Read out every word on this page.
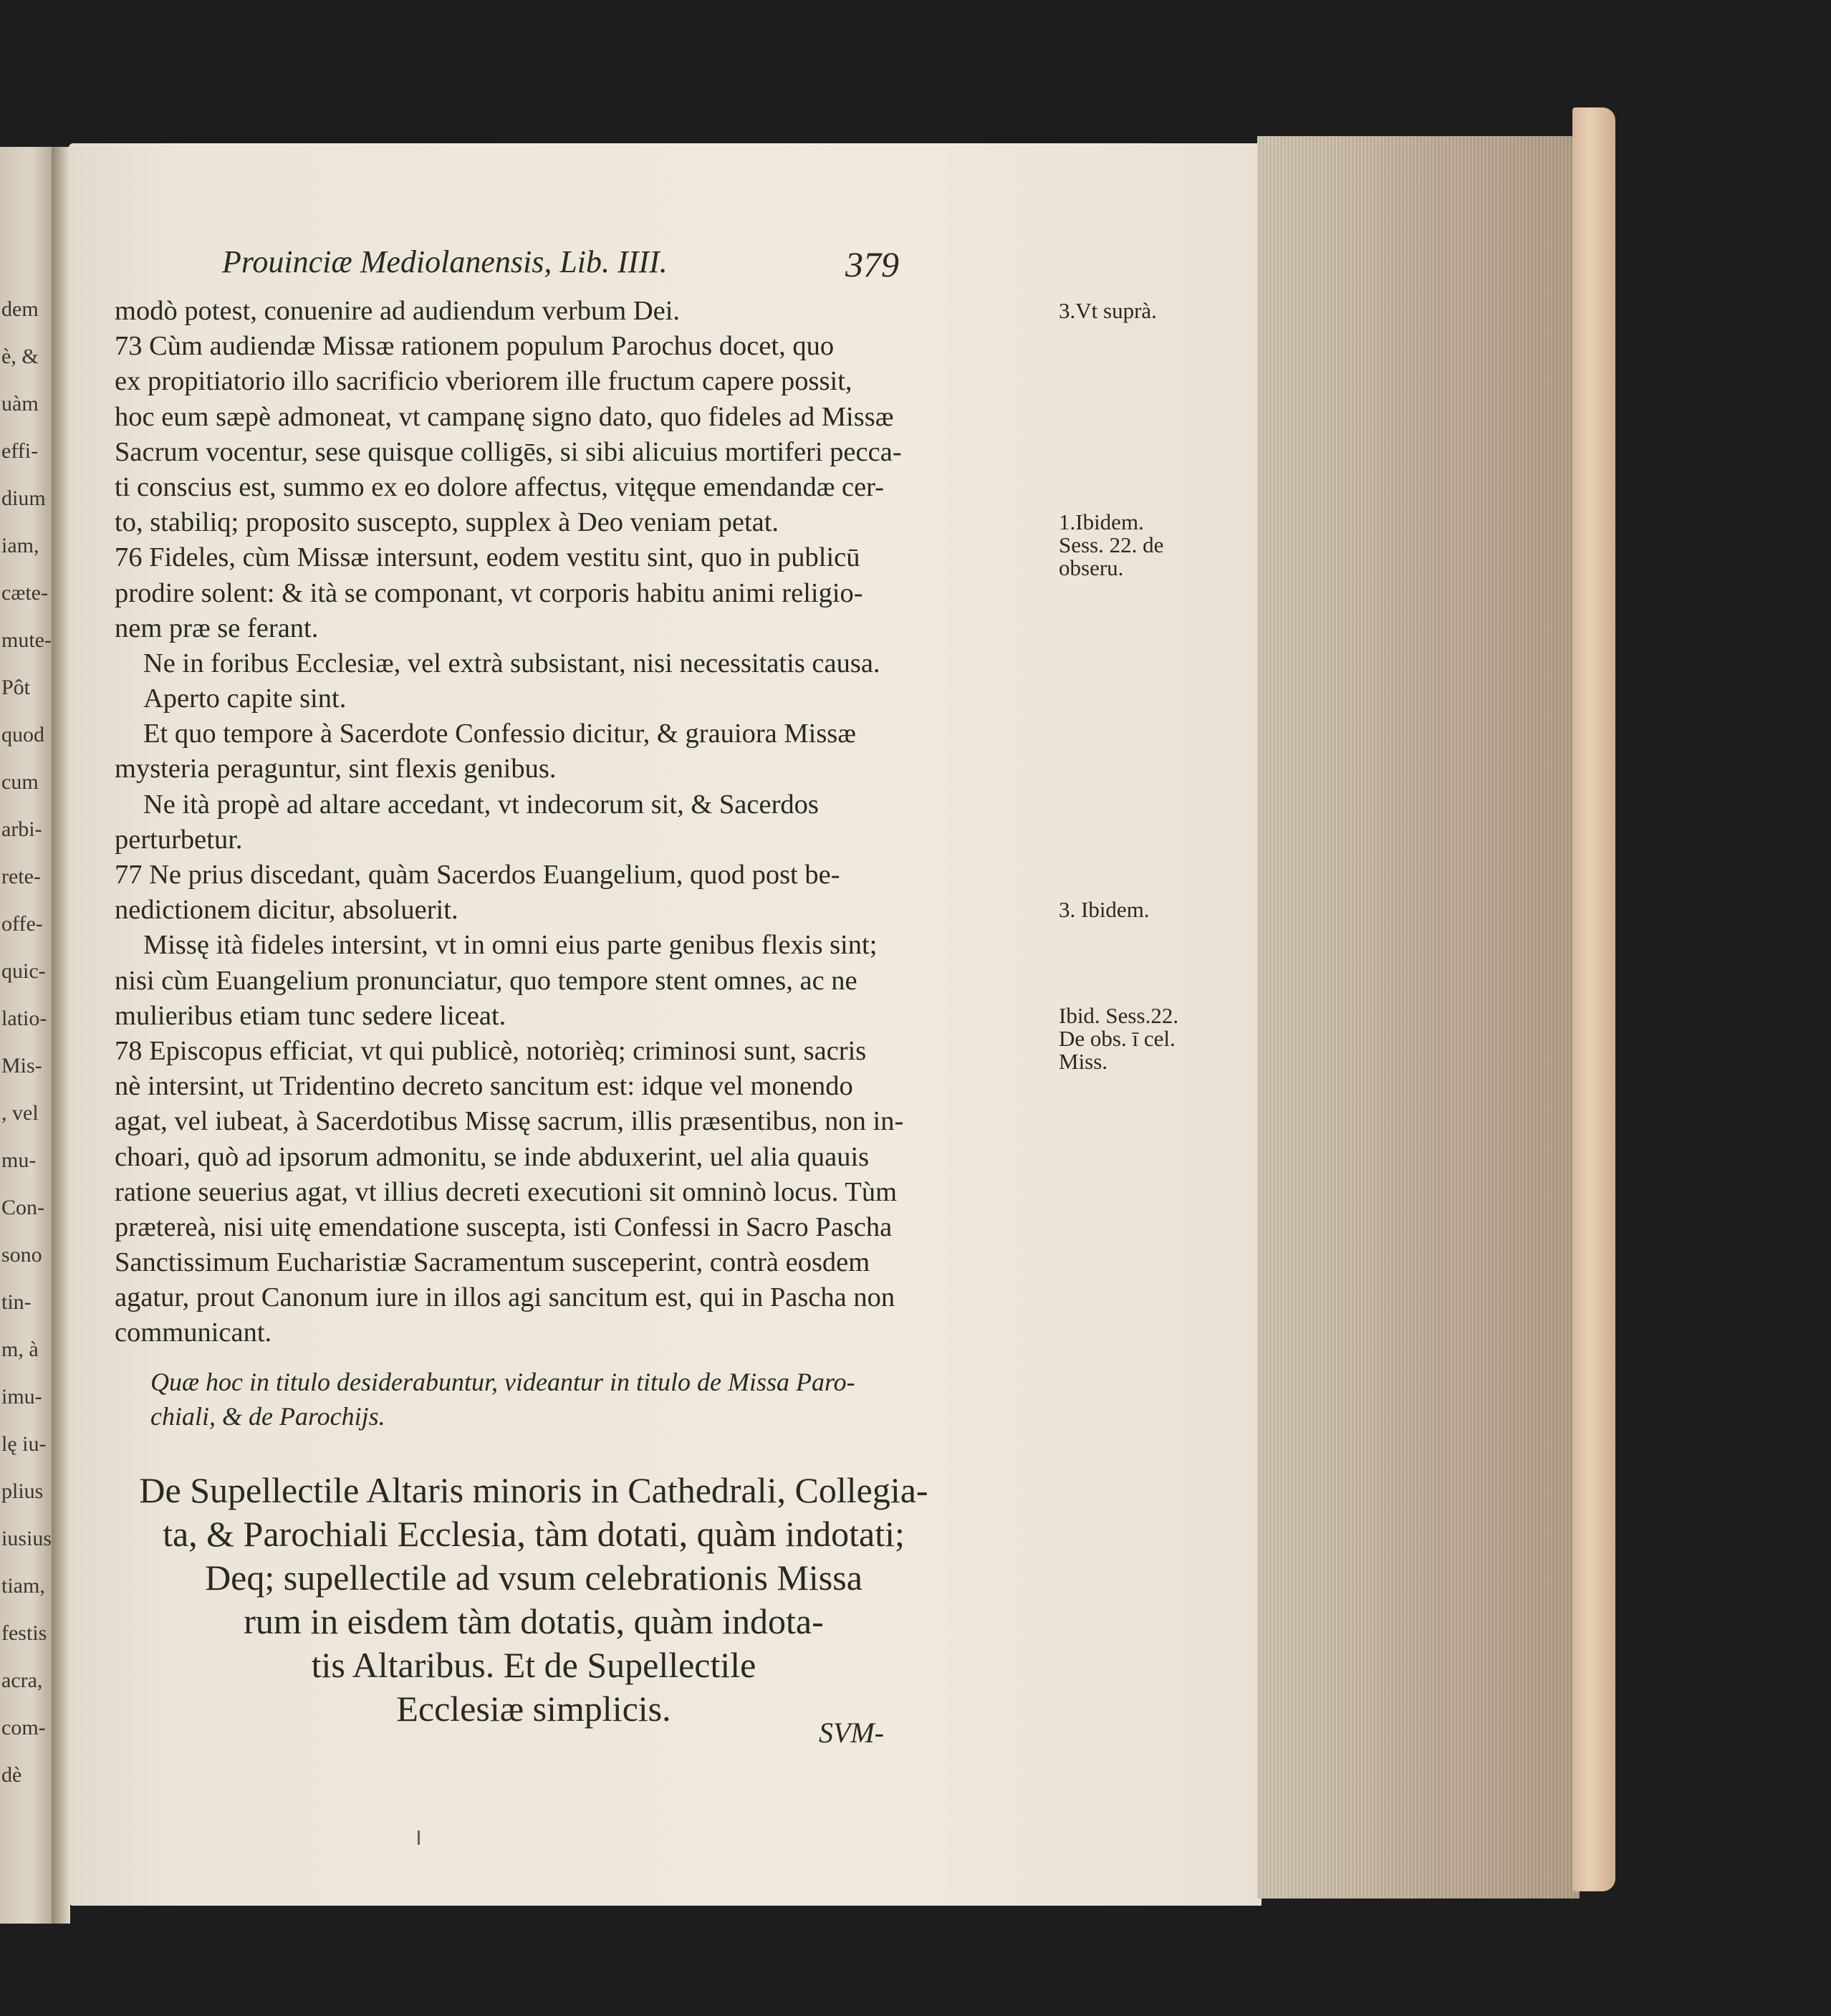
dem
è, &
uàm
effi-
dium
iam,
cæte-
mute-
Pôt
quod
cum
arbi-
rete-
offe-
quic-
latio-
Mis-
, vel
mu-
Con-
sono
tin-
m, à
imu-
lę iu-
plius
iusius
tiam,
festis
acra,
com-
dè
Prouinciæ Mediolanensis, Lib. IIII.	379
modò potest, conuenire ad audiendum verbum Dei.
73 Cùm audiendæ Missæ rationem populum Parochus docet, quo
ex propitiatorio illo sacrificio vberiorem ille fructum capere possit,
hoc eum sæpè admoneat, vt campanę signo dato, quo fideles ad Missæ
Sacrum vocentur, sese quisque colligēs, si sibi alicuius mortiferi pecca-
ti conscius est, summo ex eo dolore affectus, vitęque emendandæ cer-
to, stabiliq; proposito suscepto, supplex à Deo veniam petat.
76 Fideles, cùm Missæ intersunt, eodem vestitu sint, quo in publicū
prodire solent: & ità se componant, vt corporis habitu animi religio-
nem præ se ferant.
Ne in foribus Ecclesiæ, vel extrà subsistant, nisi necessitatis causa.
Aperto capite sint.
Et quo tempore à Sacerdote Confessio dicitur, & grauiora Missæ
mysteria peraguntur, sint flexis genibus.
Ne ità propè ad altare accedant, vt indecorum sit, & Sacerdos
perturbetur.
77 Ne prius discedant, quàm Sacerdos Euangelium, quod post be-
nedictionem dicitur, absoluerit.
Missę ità fideles intersint, vt in omni eius parte genibus flexis sint;
nisi cùm Euangelium pronunciatur, quo tempore stent omnes, ac ne
mulieribus etiam tunc sedere liceat.
78 Episcopus efficiat, vt qui publicè, notorièq; criminosi sunt, sacris
nè intersint, ut Tridentino decreto sancitum est: idque vel monendo
agat, vel iubeat, à Sacerdotibus Missę sacrum, illis præsentibus, non in-
choari, quò ad ipsorum admonitu, se inde abduxerint, uel alia quauis
ratione seuerius agat, vt illius decreti executioni sit omninò locus. Tùm
prætereà, nisi uitę emendatione suscepta, isti Confessi in Sacro Pascha
Sanctissimum Eucharistiæ Sacramentum susceperint, contrà eosdem
agatur, prout Canonum iure in illos agi sancitum est, qui in Pascha non
communicant.
3.Vt suprà.
1.Ibidem.
Sess. 22. de
obseru.
3. Ibidem.
Ibid. Sess.22.
De obs. ī cel.
Miss.
Quæ hoc in titulo desiderabuntur, videantur in titulo de Missa Paro-
chiali, & de Parochijs.
De Supellectile Altaris minoris in Cathedrali, Collegia-
ta, & Parochiali Ecclesia, tàm dotati, quàm indotati;
Deq; supellectile ad vsum celebrationis Missa
rum in eisdem tàm dotatis, quàm indota-
tis Altaribus. Et de Supellectile
Ecclesiæ simplicis.
SVM-
